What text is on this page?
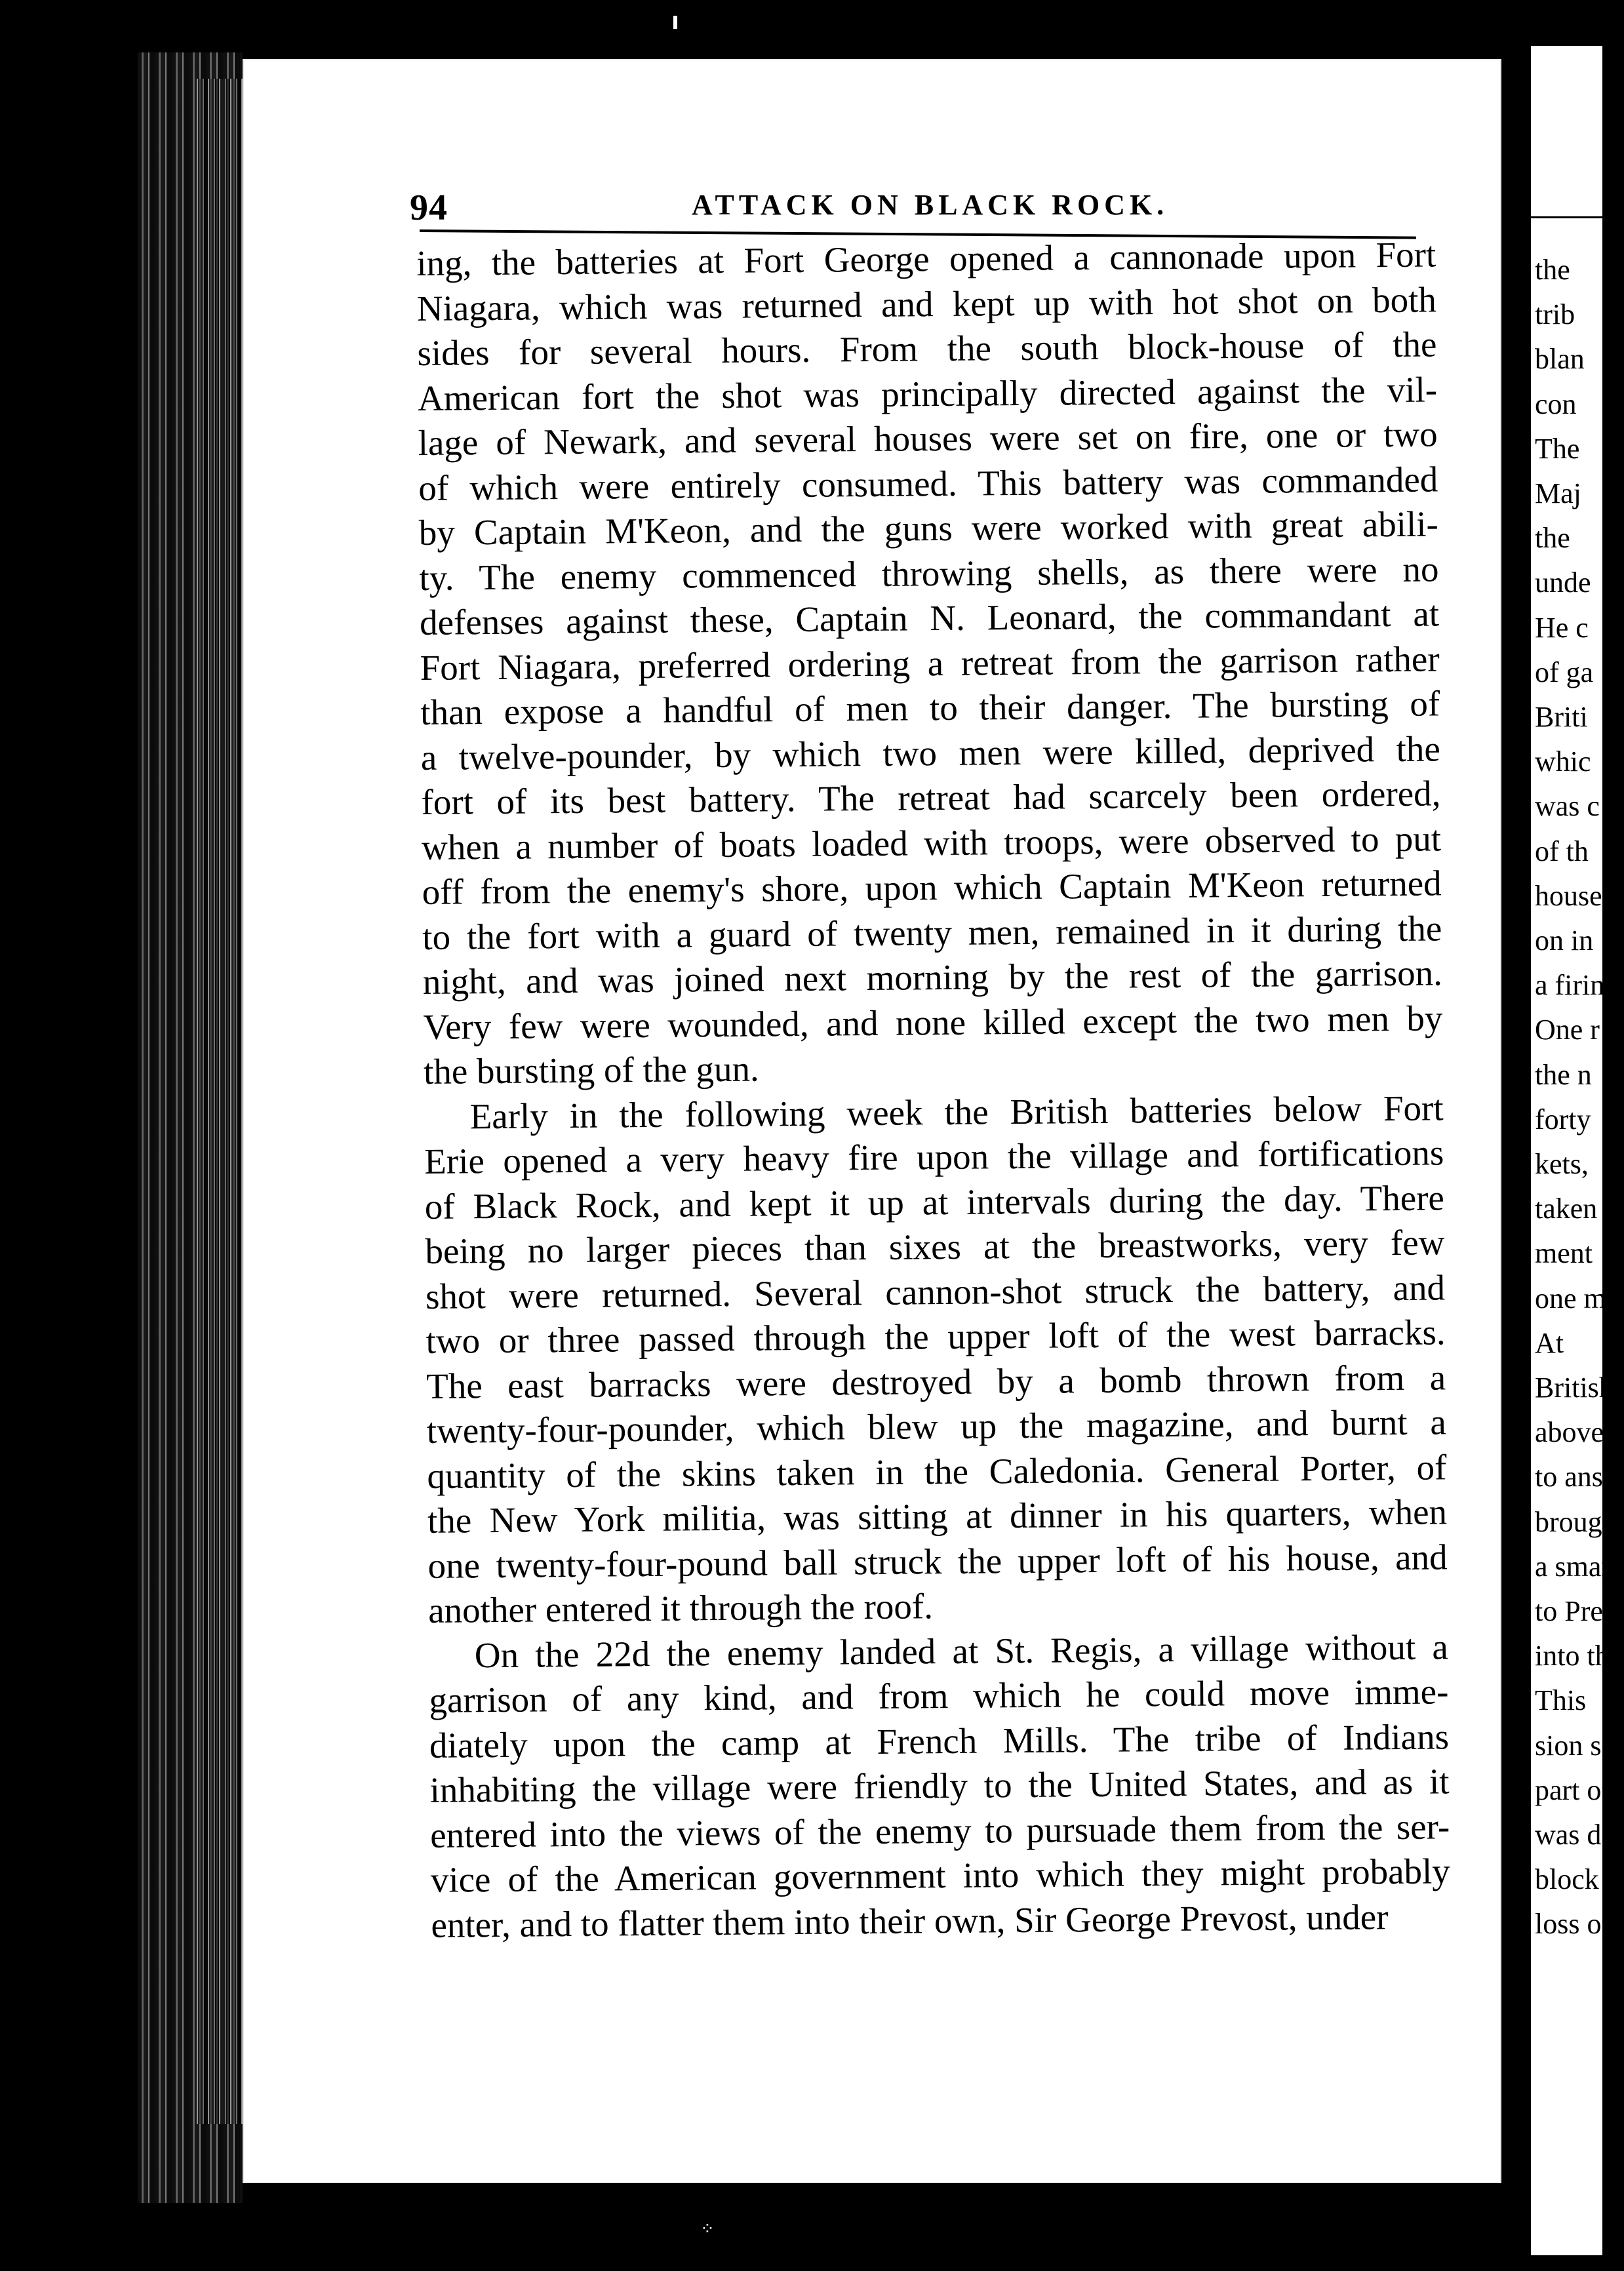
⁘
the
trib
blan
con
The
Maj
the
unde
He c
of ga
Briti
whic
was c
of th
house
on in
a firin
One r
the n
forty
kets,
taken
ment
one m
At
British
above
to answ
brough
a smar
to Pres
into the
This
sion se
part of
was def
block h
loss of
94	ATTACK ON BLACK ROCK.
ing, the batteries at Fort George opened a cannonade upon Fort
Niagara, which was returned and kept up with hot shot on both
sides for several hours. From the south block-house of the
American fort the shot was principally directed against the vil-
lage of Newark, and several houses were set on fire, one or two
of which were entirely consumed. This battery was commanded
by Captain M'Keon, and the guns were worked with great abili-
ty. The enemy commenced throwing shells, as there were no
defenses against these, Captain N. Leonard, the commandant at
Fort Niagara, preferred ordering a retreat from the garrison rather
than expose a handful of men to their danger. The bursting of
a twelve-pounder, by which two men were killed, deprived the
fort of its best battery. The retreat had scarcely been ordered,
when a number of boats loaded with troops, were observed to put
off from the enemy's shore, upon which Captain M'Keon returned
to the fort with a guard of twenty men, remained in it during the
night, and was joined next morning by the rest of the garrison.
Very few were wounded, and none killed except the two men by
the bursting of the gun.
Early in the following week the British batteries below Fort
Erie opened a very heavy fire upon the village and fortifications
of Black Rock, and kept it up at intervals during the day. There
being no larger pieces than sixes at the breastworks, very few
shot were returned. Several cannon-shot struck the battery, and
two or three passed through the upper loft of the west barracks.
The east barracks were destroyed by a bomb thrown from a
twenty-four-pounder, which blew up the magazine, and burnt a
quantity of the skins taken in the Caledonia. General Porter, of
the New York militia, was sitting at dinner in his quarters, when
one twenty-four-pound ball struck the upper loft of his house, and
another entered it through the roof.
On the 22d the enemy landed at St. Regis, a village without a
garrison of any kind, and from which he could move imme-
diately upon the camp at French Mills. The tribe of Indians
inhabiting the village were friendly to the United States, and as it
entered into the views of the enemy to pursuade them from the ser-
vice of the American government into which they might probably
enter, and to flatter them into their own, Sir George Prevost, under
